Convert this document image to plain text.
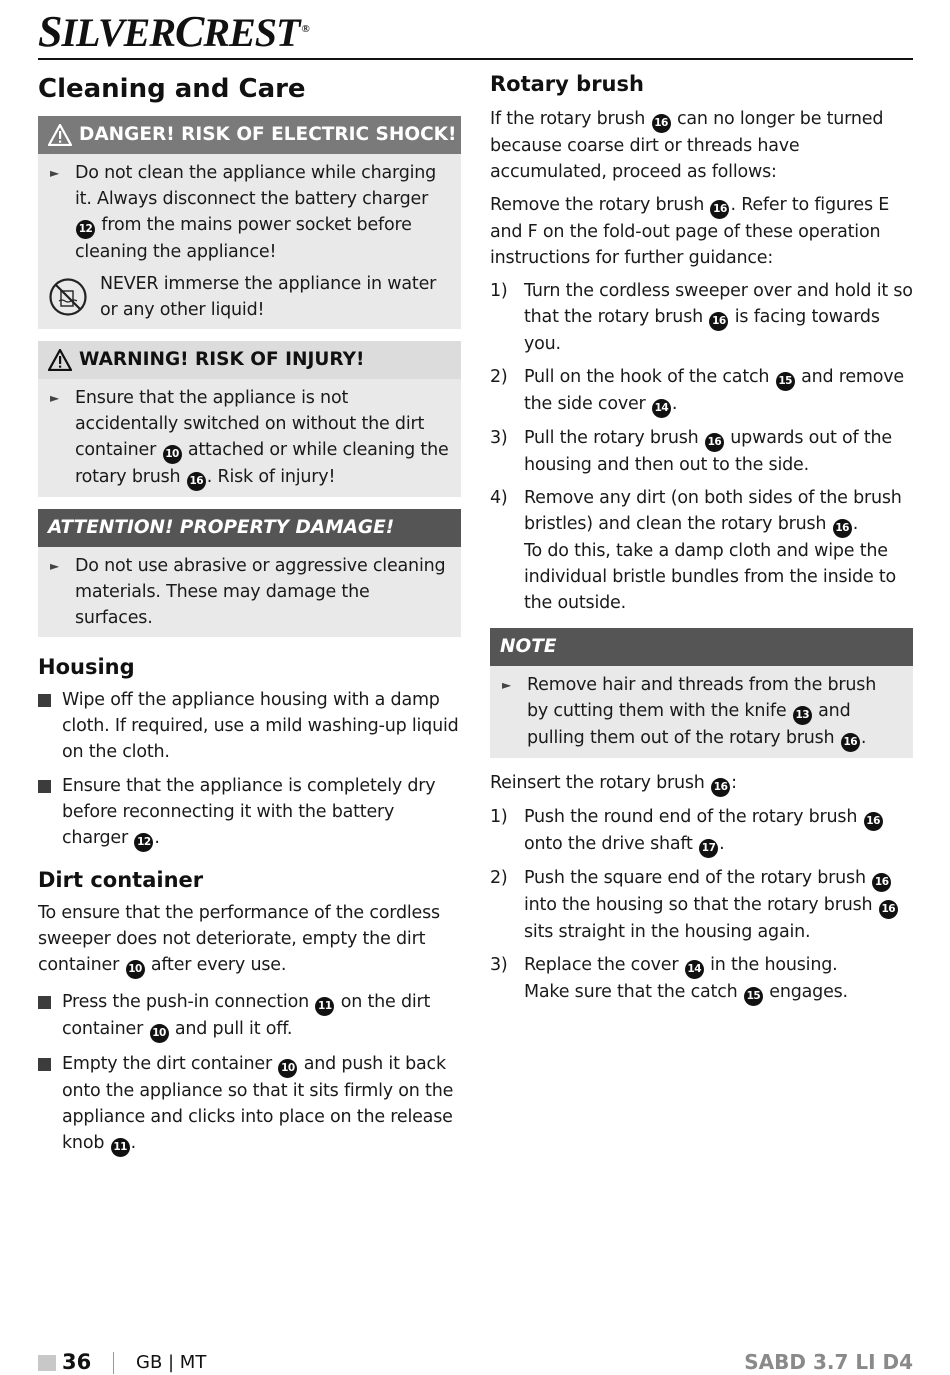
SILVERCREST ®
Cleaning and Care
DANGER! RISK OF ELECTRIC SHOCK!
► Do not clean the appliance while charging it. Always disconnect the battery charger 12 from the mains power socket before cleaning the appliance!
NEVER immerse the appliance in water or any other liquid!
WARNING! RISK OF INJURY!
► Ensure that the appliance is not accidentally switched on without the dirt container 10 attached or while cleaning the rotary brush 16 . Risk of injury!
ATTENTION! PROPERTY DAMAGE!
► Do not use abrasive or aggressive cleaning materials. These may damage the surfaces.
Housing
Wipe off the appliance housing with a damp cloth. If required, use a mild washing-up liquid on the cloth.
Ensure that the appliance is completely dry before reconnecting it with the battery charger 12 .
Dirt container

To ensure that the performance of the cordless sweeper does not deteriorate, empty the dirt container 10 after every use.

Press the push-in connection 11 on the dirt container 10 and pull it off.
Empty the dirt container 10 and push it back onto the appliance so that it sits firmly on the appliance and clicks into place on the release knob 11 .
Rotary brush

If the rotary brush 16 can no longer be turned because coarse dirt or threads have accumulated, proceed as follows:

Remove the rotary brush 16 . Refer to figures E and F on the fold-out page of these operation instructions for further guidance:

1) Turn the cordless sweeper over and hold it so that the rotary brush 16 is facing towards you.
2) Pull on the hook of the catch 15 and remove the side cover 14 .
3) Pull the rotary brush 16 upwards out of the housing and then out to the side.
4) Remove any dirt (on both sides of the brush bristles) and clean the rotary brush 16 .
To do this, take a damp cloth and wipe the individual bristle bundles from the inside to the outside.
NOTE
► Remove hair and threads from the brush by cutting them with the knife 13 and pulling them out of the rotary brush 16 .

Reinsert the rotary brush 16 :

1) Push the round end of the rotary brush 16 onto the drive shaft 17 .
2) Push the square end of the rotary brush 16 into the housing so that the rotary brush 16 sits straight in the housing again.
3) Replace the cover 14 in the housing.
Make sure that the catch 15 engages.
36 GB | MT	SABD 3.7 LI D4
